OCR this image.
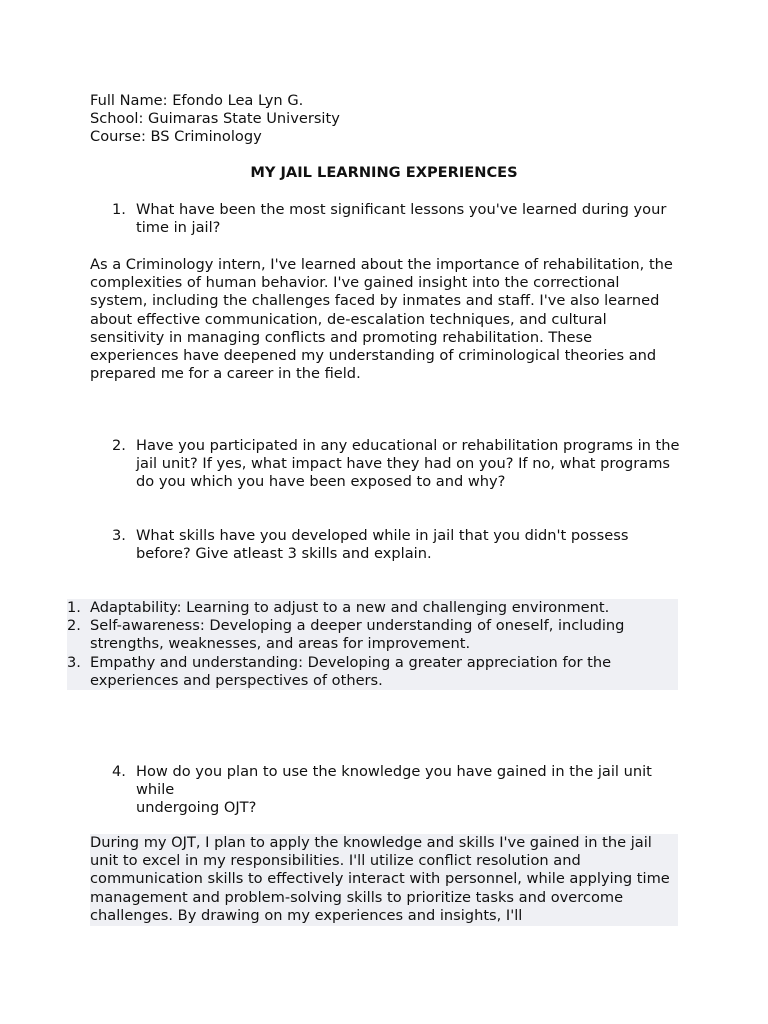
Full Name: Efondo Lea Lyn G.

School: Guimaras State University

Course: BS Criminology

MY JAIL LEARNING EXPERIENCES

1. What have been the most significant lessons you've learned during your time in jail?

As a Criminology intern, I've learned about the importance of rehabilitation, the complexities of human behavior. I've gained insight into the correctional system, including the challenges faced by inmates and staff. I've also learned about effective communication, de-escalation techniques, and cultural sensitivity in managing conflicts and promoting rehabilitation. These experiences have deepened my understanding of criminological theories and prepared me for a career in the field.

2. Have you participated in any educational or rehabilitation programs in the jail unit? If yes, what impact have they had on you? If no, what programs do you which you have been exposed to and why?
3. What skills have you developed while in jail that you didn't possess before? Give atleast 3 skills and explain.
1. Adaptability: Learning to adjust to a new and challenging environment.
2. Self-awareness: Developing a deeper understanding of oneself, including strengths, weaknesses, and areas for improvement.
3. Empathy and understanding: Developing a greater appreciation for the experiences and perspectives of others.
4. How do you plan to use the knowledge you have gained in the jail unit
while
undergoing OJT?

During my OJT, I plan to apply the knowledge and skills I've gained in the jail unit to excel in my responsibilities. I'll utilize conflict resolution and communication skills to effectively interact with personnel, while applying time management and problem-solving skills to prioritize tasks and overcome challenges. By drawing on my experiences and insights, I'll
